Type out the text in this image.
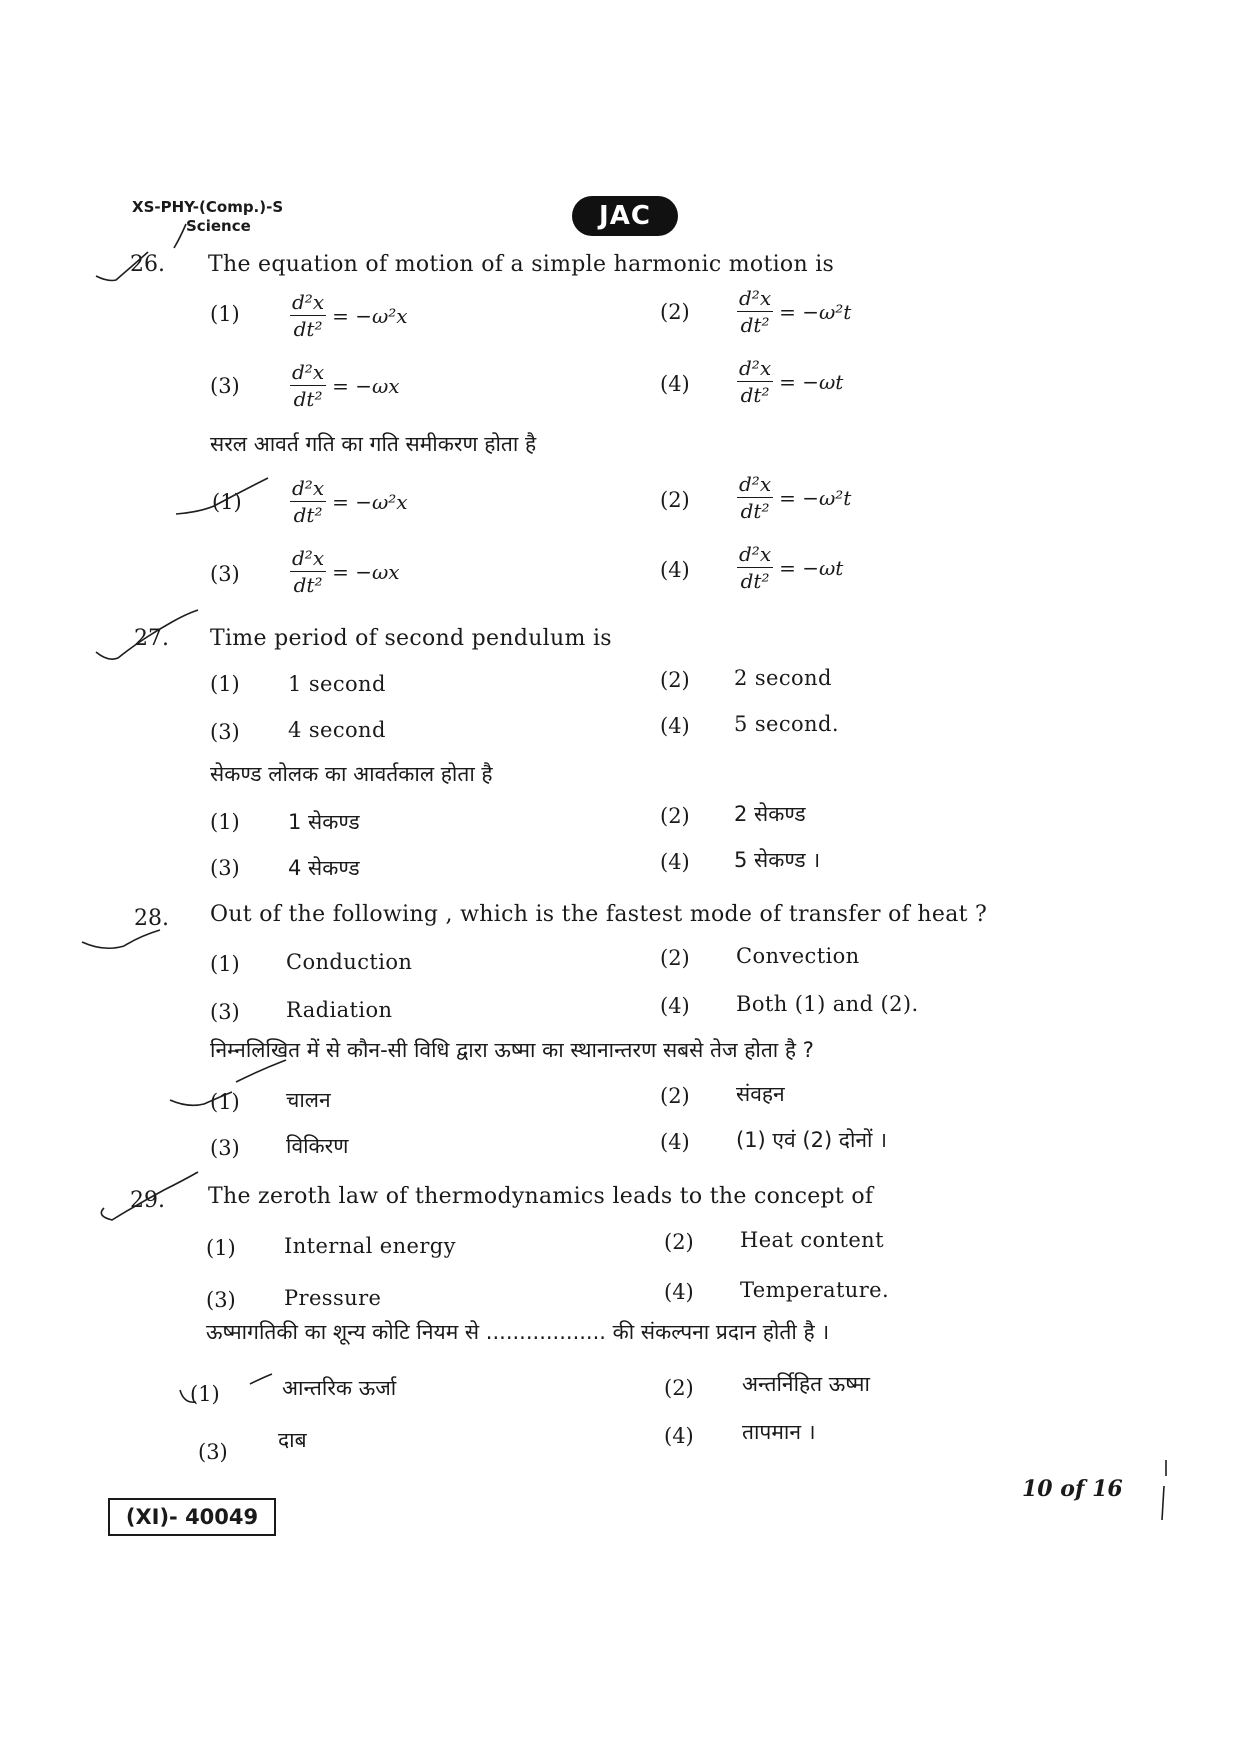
XS-PHY-(Comp.)-S
Science	JAC
26. The equation of motion of a simple harmonic motion is
(1)	$\frac{\text{d²x}}{\text{dt²}} = -\omega^2x$	$(2) \frac{\text{d²x}}{\text{dt²}} = -\omega^2t$
(3)	$\frac{\text{d²x}}{\text{dt²}} = -\omega x$	$(4) \frac{\text{d²x}}{\text{dt²}} = -\omega t$
सरल आवर्त गति का गति समीकरण होता है
$(1) \frac{\text{d²x}}{\text{dt²}} = -\omega^2x$	$(2) \frac{\text{d²x}}{\text{dt²}} = -\omega^2t$
(3)	$\frac{\text{d²x}}{\text{dt²}} = -\omega x$	$(4) \frac{\text{d²x}}{\text{dt²}} = -\omega t$
27. Time period of second pendulum is
(1) 1 second	(2) 2 second
(3) 4 second	(4) 5 second.
सेकण्ड लोलक का आवर्तकाल होता है
(1) 1 सेकण्ड	(2) 2 सेकण्ड
(3) 4 सेकण्ड	(4) 5 सेकण्ड ।
28. Out of the following , which is the fastest mode of transfer of heat ?
(1) Conduction	(2) Convection
(3) Radiation	(4) Both (1) and (2).
निम्नलिखित में से कौन-सी विधि द्वारा ऊष्मा का स्थानान्तरण सबसे तेज होता है ?
(1) चालन	(2) संवहन
(3) विकिरण	(4) (1) एवं (2) दोनों ।
29. The zeroth law of thermodynamics leads to the concept of
(1) Internal energy	(2) Heat content
(3) Pressure	(4) Temperature.
ऊष्मागतिकी का शून्य कोटि नियम से .................. की संकल्पना प्रदान होती है ।
(1)	आन्तरिक ऊर्जा	(2) अन्तर्निहित ऊष्मा
(3) दाब	(4) तापमान ।
(XI)- 40049
10 of 16
